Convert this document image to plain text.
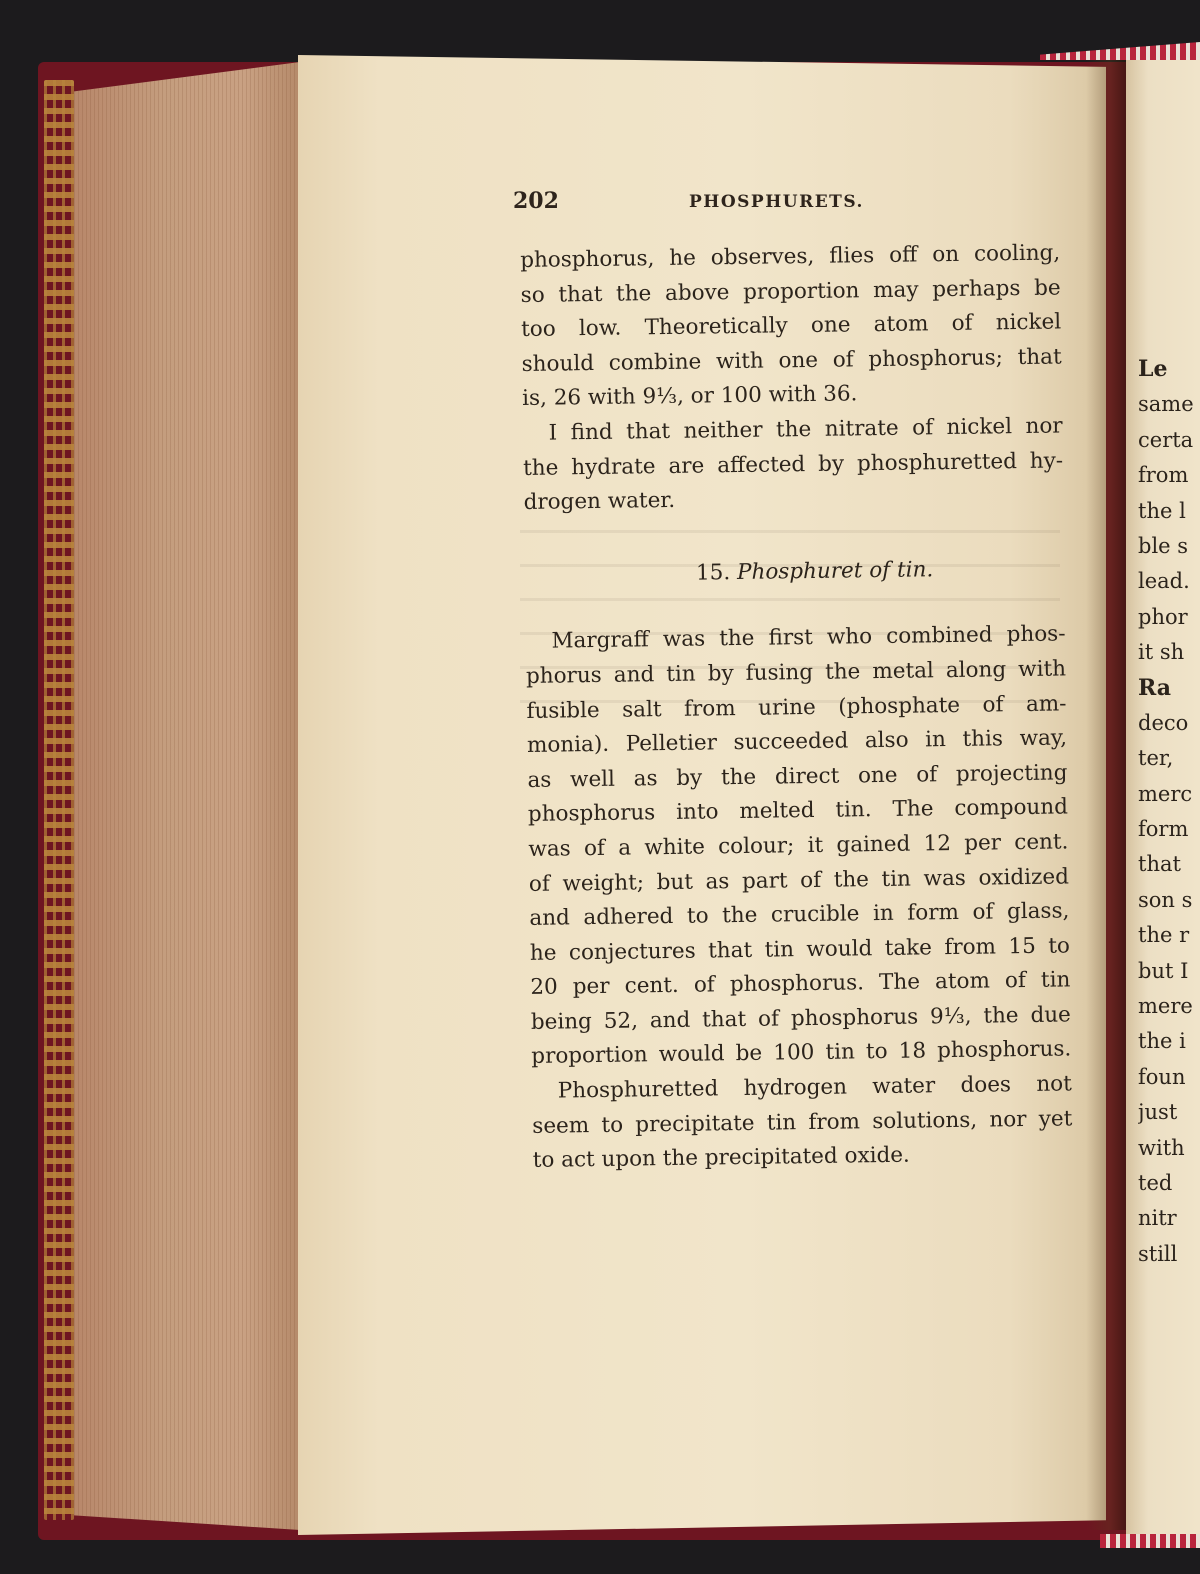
202	PHOSPHURETS.
phosphorus, he observes, flies off on cooling,
so that the above proportion may perhaps be
too low. Theoretically one atom of nickel
should combine with one of phosphorus; that
is, 26 with 9⅓, or 100 with 36.
I find that neither the nitrate of nickel nor
the hydrate are affected by phosphuretted hy-
drogen water.
15. Phosphuret of tin.
Margraff was the first who combined phos-
phorus and tin by fusing the metal along with
fusible salt from urine (phosphate of am-
monia). Pelletier succeeded also in this way,
as well as by the direct one of projecting
phosphorus into melted tin. The compound
was of a white colour; it gained 12 per cent.
of weight; but as part of the tin was oxidized
and adhered to the crucible in form of glass,
he conjectures that tin would take from 15 to
20 per cent. of phosphorus. The atom of tin
being 52, and that of phosphorus 9⅓, the due
proportion would be 100 tin to 18 phosphorus.
Phosphuretted hydrogen water does not
seem to precipitate tin from solutions, nor yet
to act upon the precipitated oxide.
Le
same
certa
from
the l
ble s
lead.
phor
it sh
Ra
deco
ter,
merc
form
that
son s
the r
but I
mere
the i
foun
just
with
ted
nitr
still
